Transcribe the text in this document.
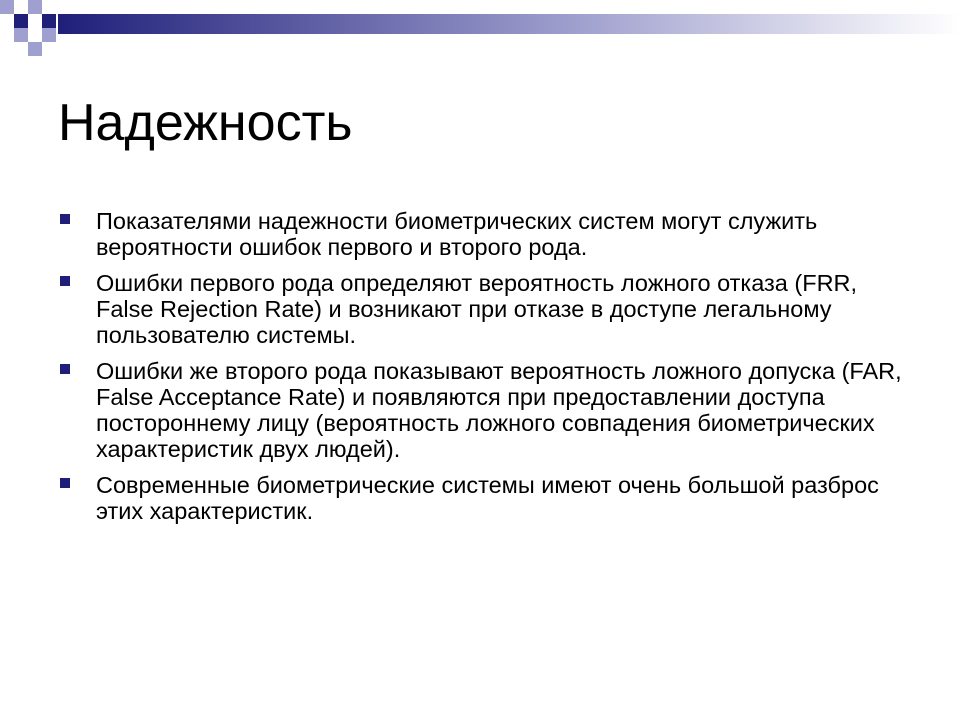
Надежность
Показателями надежности биометрических систем могут служить вероятности ошибок первого и второго рода.
Ошибки первого рода определяют вероятность ложного отказа (FRR, False Rejection Rate) и возникают при отказе в доступе легальному пользователю системы.
Ошибки же второго рода показывают вероятность ложного допуска (FAR, False Acceptance Rate) и появляются при предоставлении доступа постороннему лицу (вероятность ложного совпадения биометрических характеристик двух людей).
Современные биометрические системы имеют очень большой разброс этих характеристик.
